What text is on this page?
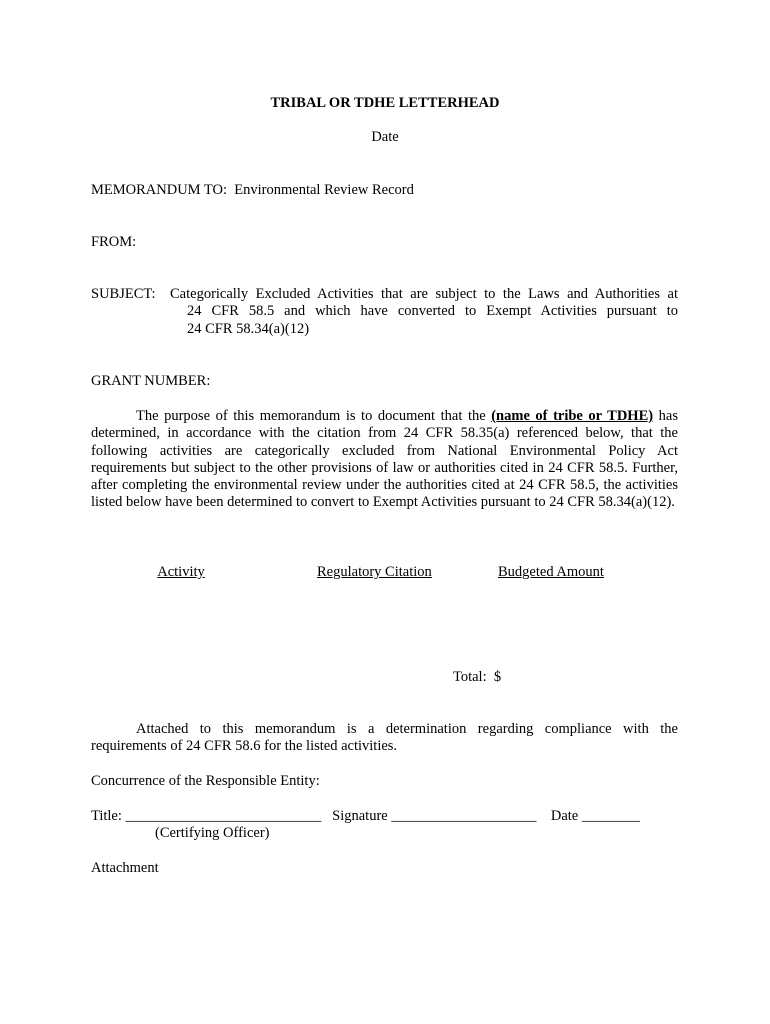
TRIBAL OR TDHE LETTERHEAD
Date
MEMORANDUM TO: Environmental Review Record
FROM:
SUBJECT: Categorically Excluded Activities that are subject to the Laws and Authorities at
24 CFR 58.5 and which have converted to Exempt Activities pursuant to
24 CFR 58.34(a)(12)
GRANT NUMBER:
The purpose of this memorandum is to document that the (name of tribe or TDHE) has determined, in accordance with the citation from 24 CFR 58.35(a) referenced below, that the following activities are categorically excluded from National Environmental Policy Act requirements but subject to the other provisions of law or authorities cited in 24 CFR 58.5. Further, after completing the environmental review under the authorities cited at 24 CFR 58.5, the activities listed below have been determined to convert to Exempt Activities pursuant to 24 CFR 58.34(a)(12).
Activity	Regulatory Citation	Budgeted Amount
Total:  $
Attached to this memorandum is a determination regarding compliance with the requirements of 24 CFR 58.6 for the listed activities.
Concurrence of the Responsible Entity:
Title: ___________________________   Signature ____________________    Date ________
(Certifying Officer)
Attachment
